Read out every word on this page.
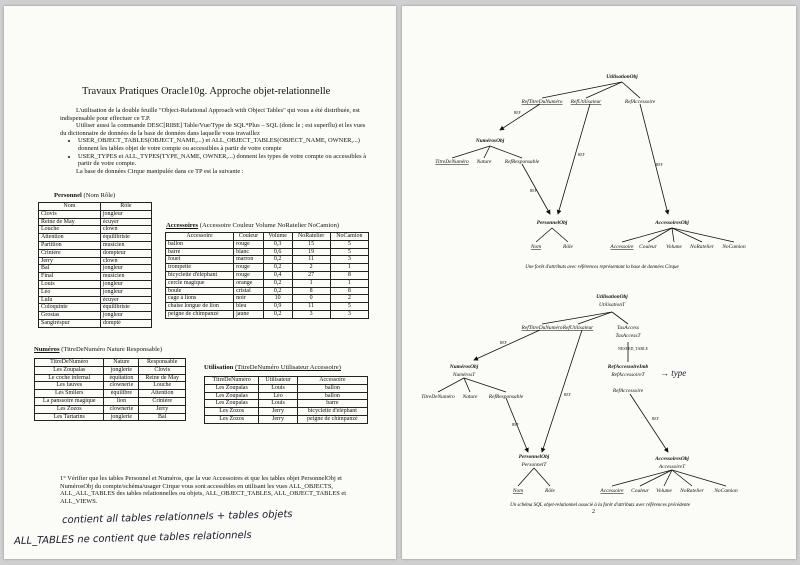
Travaux Pratiques Oracle10g. Approche objet-relationnelle

L'utilisation de la double feuille "Object-Relational Approach with Object Tables" qui vous a été distribuée, est indispensable pour effectuer ce T.P.

Utiliser aussi la commande DESC[RIBE] Table/Vue/Type de SQL*Plus – SQL (donc le ; est superflu) et les vues du dictionnaire de données de la base de données dans laquelle vous travaillez

• USER_OBJECT_TABLES(OBJECT_NAME,...) et ALL_OBJECT_TABLES(OBJECT_NAME, OWNER,...) donnent les tables objet de votre compte ou accessibles à partir de votre compte
• USER_TYPES et ALL_TYPES(TYPE_NAME, OWNER,...) donnent les types de votre compte ou accessibles à partir de votre compte.

La base de données Cirque manipulée dans ce TP est la suivante :

Personnel (Nom Rôle)
Nom	Rôle
Clovis	jongleur
Reine de May	écuyer
Louche	clown
Attention	équilibriste
Partition	musicien
Crinière	dompteur
Jerry	clown
Bal	jongleur
Final	musicien
Louis	jongleur
Léo	jongleur
Lulu	écuyer
Coloquinte	équilibriste
Grostas	jongleur
Sangtrèspur	dompté
Accessoires (Accessoire Couleur Volume NoRatelier NoCamion)
Accessoire	Couleur	Volume	NoRatelier	NoCamion
ballon	rouge	0,3	15	5
barre	blanc	0,6	19	5
fouet	marron	0,2	11	3
trompette	rouge	0,2	2	1
bicyclette d'éléphant	rouge	0,4	27	8
cercle magique	orange	0,2	1	1
boule	cristal	0,2	8	8
cage à lions	noir	10	0	2
chaise longue de lion	bleu	0,9	11	5
peigne de chimpanzé	jaune	0,2	3	3
Numéros (TitreDeNuméro Nature Responsable)
TitreDeNuméro	Nature	Responsable
Les Zoupalas	jonglerie	Clovis
Le coche infernal	équitation	Reine de May
Les fauves	clownerie	Louche
Les Smilers	équilibre	Attention
La panssoire magique	lion	Crinière
Les Zozos	clownerie	Jerry
Les Tartarins	jonglerie	Bal
Utilisation (TitreDeNuméro Utilisateur Accessoire)
TitreDeNuméro	Utilisateur	Accessoire
Les Zoupalas	Louis	ballon
Les Zoupalas	Léo	ballon
Les Zoupalas	Louis	barre
Les Zozos	Jerry	bicyclette d'éléphant
Les Zozos	Jerry	peigne de chimpanzé
1° Vérifier que les tables Personnel et Numéros, que la vue Accessoires et que les tables objet PersonnelObj et NumérosObj du compte/schéma/usager Cirque vous sont accessibles en utilisant les vues ALL_OBJECTS, ALL_ALL_TABLES des tables relationnelles ou objets, ALL_OBJECT_TABLES, ALL_OBJECT_TABLES et ALL_VIEWS.
contient all tables relationnels + tables objets
ALL_TABLES ne contient que tables relationnels
UtilisationObj
RefTitreDuNuméro RefUtilisateur	RefAccessoire
NumérosObj
TitreDeNuméro Nature RefResponsable
PersonnelObj
Nom	Rôle
AccessoiresObj
Accessoire Couleur Volume NoRatelier NoCamion
REF
REF
REF
REF
Une forêt d'attributs avec références représentant la base de données Cirque
UtilisationObj
UtilisationT
RefTitreDuNuméro RefUtilisateur	TasAccess
TasAccessT
RefAccessoireImb
RefAccessoireT
RefAccessoire
NumérosObj
NumérosT
TitreDeNuméro Nature RefResponsable
PersonnelObj
PersonnelT
Nom	Rôle
AccessoiresObj
AccessoireT
Accessoire Couleur Volume NoRatelier NoCamion
NESTED_TABLE
REF
REF
REF
REF
→ type
Un schéma SQL objet-relationnel associé à la forêt d'attributs avec références précédente
2
